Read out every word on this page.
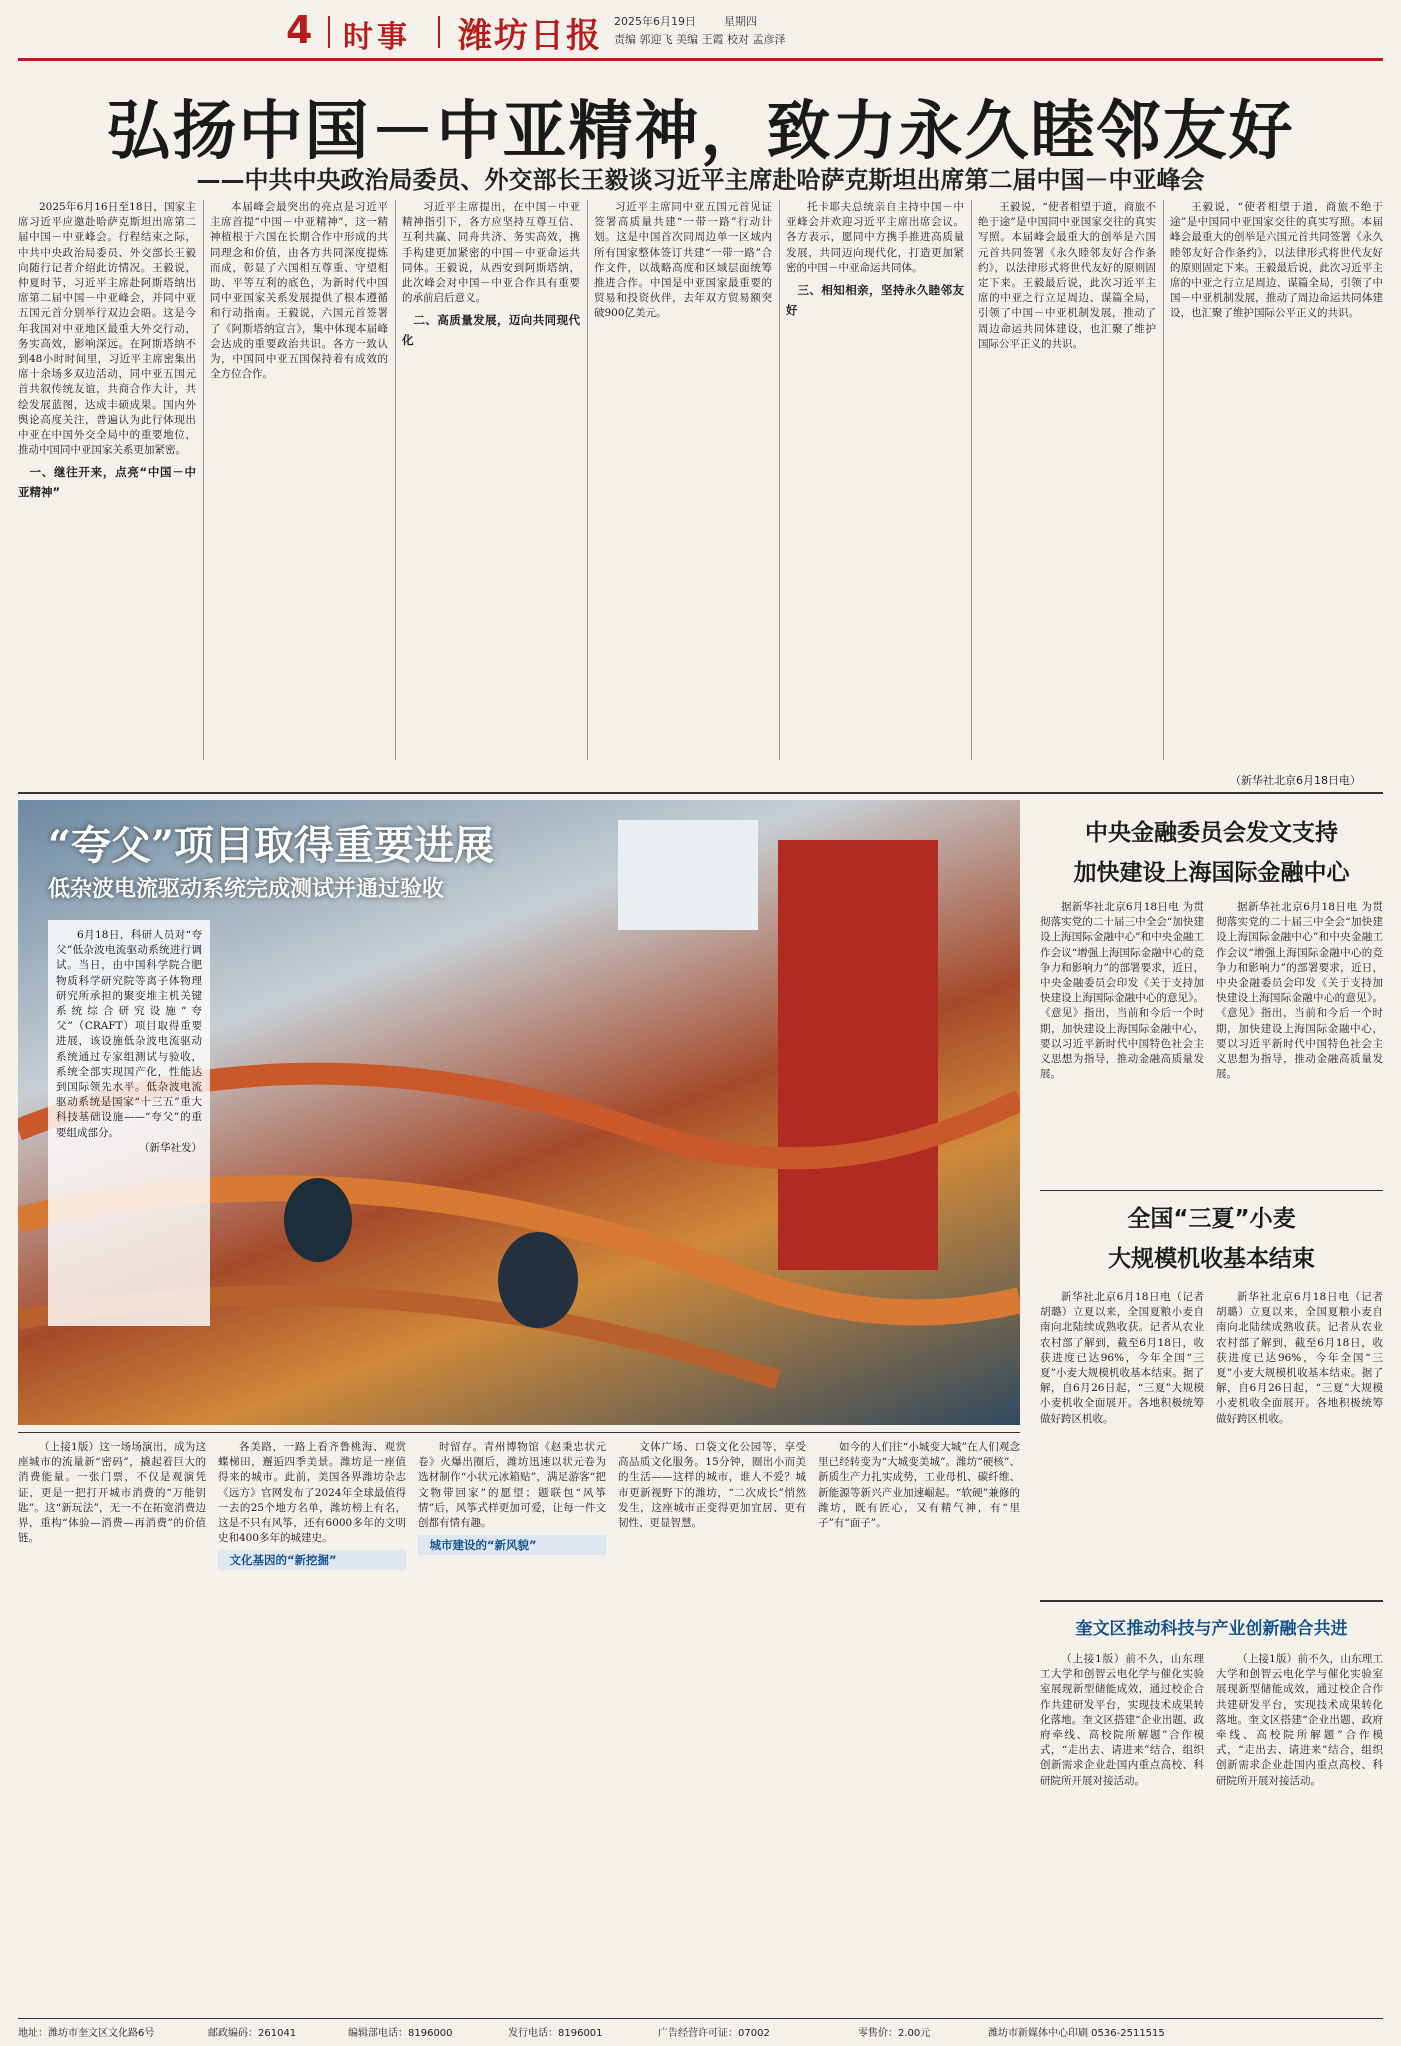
4 时事 潍坊日报 2025年6月19日	星期四
责编 郭迎飞 美编 王霞 校对 孟彦泽
弘扬中国－中亚精神，致力永久睦邻友好
——中共中央政治局委员、外交部长王毅谈习近平主席赴哈萨克斯坦出席第二届中国－中亚峰会

2025年6月16日至18日，国家主席习近平应邀赴哈萨克斯坦出席第二届中国－中亚峰会。行程结束之际，中共中央政治局委员、外交部长王毅向随行记者介绍此访情况。王毅说，仲夏时节，习近平主席赴阿斯塔纳出席第二届中国－中亚峰会，并同中亚五国元首分别举行双边会晤。这是今年我国对中亚地区最重大外交行动，务实高效，影响深远。在阿斯塔纳不到48小时时间里，习近平主席密集出席十余场多双边活动，同中亚五国元首共叙传统友谊，共商合作大计，共绘发展蓝图，达成丰硕成果。国内外舆论高度关注，普遍认为此行体现出中亚在中国外交全局中的重要地位，推动中国同中亚国家关系更加紧密。

一、继往开来，点亮“中国－中亚精神”

本届峰会最突出的亮点是习近平主席首提“中国－中亚精神”，这一精神植根于六国在长期合作中形成的共同理念和价值，由各方共同深度提炼而成，彰显了六国相互尊重、守望相助、平等互利的底色，为新时代中国同中亚国家关系发展提供了根本遵循和行动指南。王毅说，六国元首签署了《阿斯塔纳宣言》，集中体现本届峰会达成的重要政治共识。各方一致认为，中国同中亚五国保持着有成效的全方位合作。

习近平主席提出，在中国－中亚精神指引下，各方应坚持互尊互信、互利共赢、同舟共济、务实高效，携手构建更加紧密的中国－中亚命运共同体。王毅说，从西安到阿斯塔纳，此次峰会对中国－中亚合作具有重要的承前启后意义。

二、高质量发展，迈向共同现代化

习近平主席同中亚五国元首见证签署高质量共建“一带一路”行动计划。这是中国首次同周边单一区域内所有国家整体签订共建“一带一路”合作文件，以战略高度和区域层面统筹推进合作。中国是中亚国家最重要的贸易和投资伙伴，去年双方贸易额突破900亿美元。

托卡耶夫总统亲自主持中国－中亚峰会并欢迎习近平主席出席会议。各方表示，愿同中方携手推进高质量发展，共同迈向现代化，打造更加紧密的中国－中亚命运共同体。

三、相知相亲，坚持永久睦邻友好

王毅说，“使者相望于道，商旅不绝于途”是中国同中亚国家交往的真实写照。本届峰会最重大的创举是六国元首共同签署《永久睦邻友好合作条约》，以法律形式将世代友好的原则固定下来。王毅最后说，此次习近平主席的中亚之行立足周边、谋篇全局，引领了中国－中亚机制发展，推动了周边命运共同体建设，也汇聚了维护国际公平正义的共识。

王毅说，“使者相望于道，商旅不绝于途”是中国同中亚国家交往的真实写照。本届峰会最重大的创举是六国元首共同签署《永久睦邻友好合作条约》，以法律形式将世代友好的原则固定下来。王毅最后说，此次习近平主席的中亚之行立足周边、谋篇全局，引领了中国－中亚机制发展，推动了周边命运共同体建设，也汇聚了维护国际公平正义的共识。

（新华社北京6月18日电）
“夸父”项目取得重要进展
低杂波电流驱动系统完成测试并通过验收

6月18日，科研人员对“夸父”低杂波电流驱动系统进行调试。当日，由中国科学院合肥物质科学研究院等离子体物理研究所承担的聚变堆主机关键系统综合研究设施“夸父”（CRAFT）项目取得重要进展，该设施低杂波电流驱动系统通过专家组测试与验收，系统全部实现国产化，性能达到国际领先水平。低杂波电流驱动系统是国家“十三五”重大科技基础设施——“夸父”的重要组成部分。

（新华社发）
中央金融委员会发文支持
加快建设上海国际金融中心

据新华社北京6月18日电 为贯彻落实党的二十届三中全会“加快建设上海国际金融中心”和中央金融工作会议“增强上海国际金融中心的竞争力和影响力”的部署要求，近日，中央金融委员会印发《关于支持加快建设上海国际金融中心的意见》。《意见》指出，当前和今后一个时期，加快建设上海国际金融中心，要以习近平新时代中国特色社会主义思想为指导，推动金融高质量发展。

据新华社北京6月18日电 为贯彻落实党的二十届三中全会“加快建设上海国际金融中心”和中央金融工作会议“增强上海国际金融中心的竞争力和影响力”的部署要求，近日，中央金融委员会印发《关于支持加快建设上海国际金融中心的意见》。《意见》指出，当前和今后一个时期，加快建设上海国际金融中心，要以习近平新时代中国特色社会主义思想为指导，推动金融高质量发展。

全国“三夏”小麦
大规模机收基本结束

新华社北京6月18日电（记者胡璐）立夏以来，全国夏粮小麦自南向北陆续成熟收获。记者从农业农村部了解到，截至6月18日，收获进度已达96%，今年全国“三夏”小麦大规模机收基本结束。据了解，自6月26日起，“三夏”大规模小麦机收全面展开。各地积极统筹做好跨区机收。

新华社北京6月18日电（记者胡璐）立夏以来，全国夏粮小麦自南向北陆续成熟收获。记者从农业农村部了解到，截至6月18日，收获进度已达96%，今年全国“三夏”小麦大规模机收基本结束。据了解，自6月26日起，“三夏”大规模小麦机收全面展开。各地积极统筹做好跨区机收。

奎文区推动科技与产业创新融合共进

（上接1版）前不久，山东理工大学和创智云电化学与催化实验室展现新型储能成效，通过校企合作共建研发平台，实现技术成果转化落地。奎文区搭建“企业出题、政府牵线、高校院所解题”合作模式，“走出去、请进来”结合，组织创新需求企业赴国内重点高校、科研院所开展对接活动。

（上接1版）前不久，山东理工大学和创智云电化学与催化实验室展现新型储能成效，通过校企合作共建研发平台，实现技术成果转化落地。奎文区搭建“企业出题、政府牵线、高校院所解题”合作模式，“走出去、请进来”结合，组织创新需求企业赴国内重点高校、科研院所开展对接活动。

（上接1版）这一场场演出，成为这座城市的流量新“密码”，撬起着巨大的消费能量。一张门票，不仅是观演凭证，更是一把打开城市消费的“万能钥匙”。这“新玩法”，无一不在拓宽消费边界，重构“体验—消费—再消费”的价值链。

各美路，一路上看齐鲁桃海、观赏蝶梯田，邂逅四季美景。潍坊是一座值得来的城市。此前，美国各界潍坊杂志《远方》官网发布了2024年全球最值得一去的25个地方名单，潍坊榜上有名，这是不只有风筝，还有6000多年的文明史和400多年的城建史。

文化基因的“新挖掘”

时留存。青州博物馆《赵秉忠状元卷》火爆出圈后，潍坊迅速以状元卷为选材制作“小状元冰箱贴”，满足游客“把文物带回家”的愿望；题联包“风筝情”后，风筝式样更加可爱，让每一件文创都有情有趣。

城市建设的“新风貌”

文体广场、口袋文化公园等，享受高品质文化服务。15分钟，圈出小而美的生活——这样的城市，谁人不爱？城市更新视野下的潍坊，“二次成长”悄然发生，这座城市正变得更加宜居、更有韧性、更显智慧。

如今的人们往“小城变大城”在人们观念里已经转变为“大城变美城”。潍坊“硬核”、新质生产力扎实成势，工业母机、碳纤维、新能源等新兴产业加速崛起。“软硬”兼修的潍坊，既有匠心，又有精气神，有“里子”有“面子”。

地址：潍坊市奎文区文化路6号	邮政编码：261041	编辑部电话：8196000	发行电话：8196001	广告经营许可证：07002	零售价：2.00元	潍坊市新媒体中心印刷 0536-2511515
